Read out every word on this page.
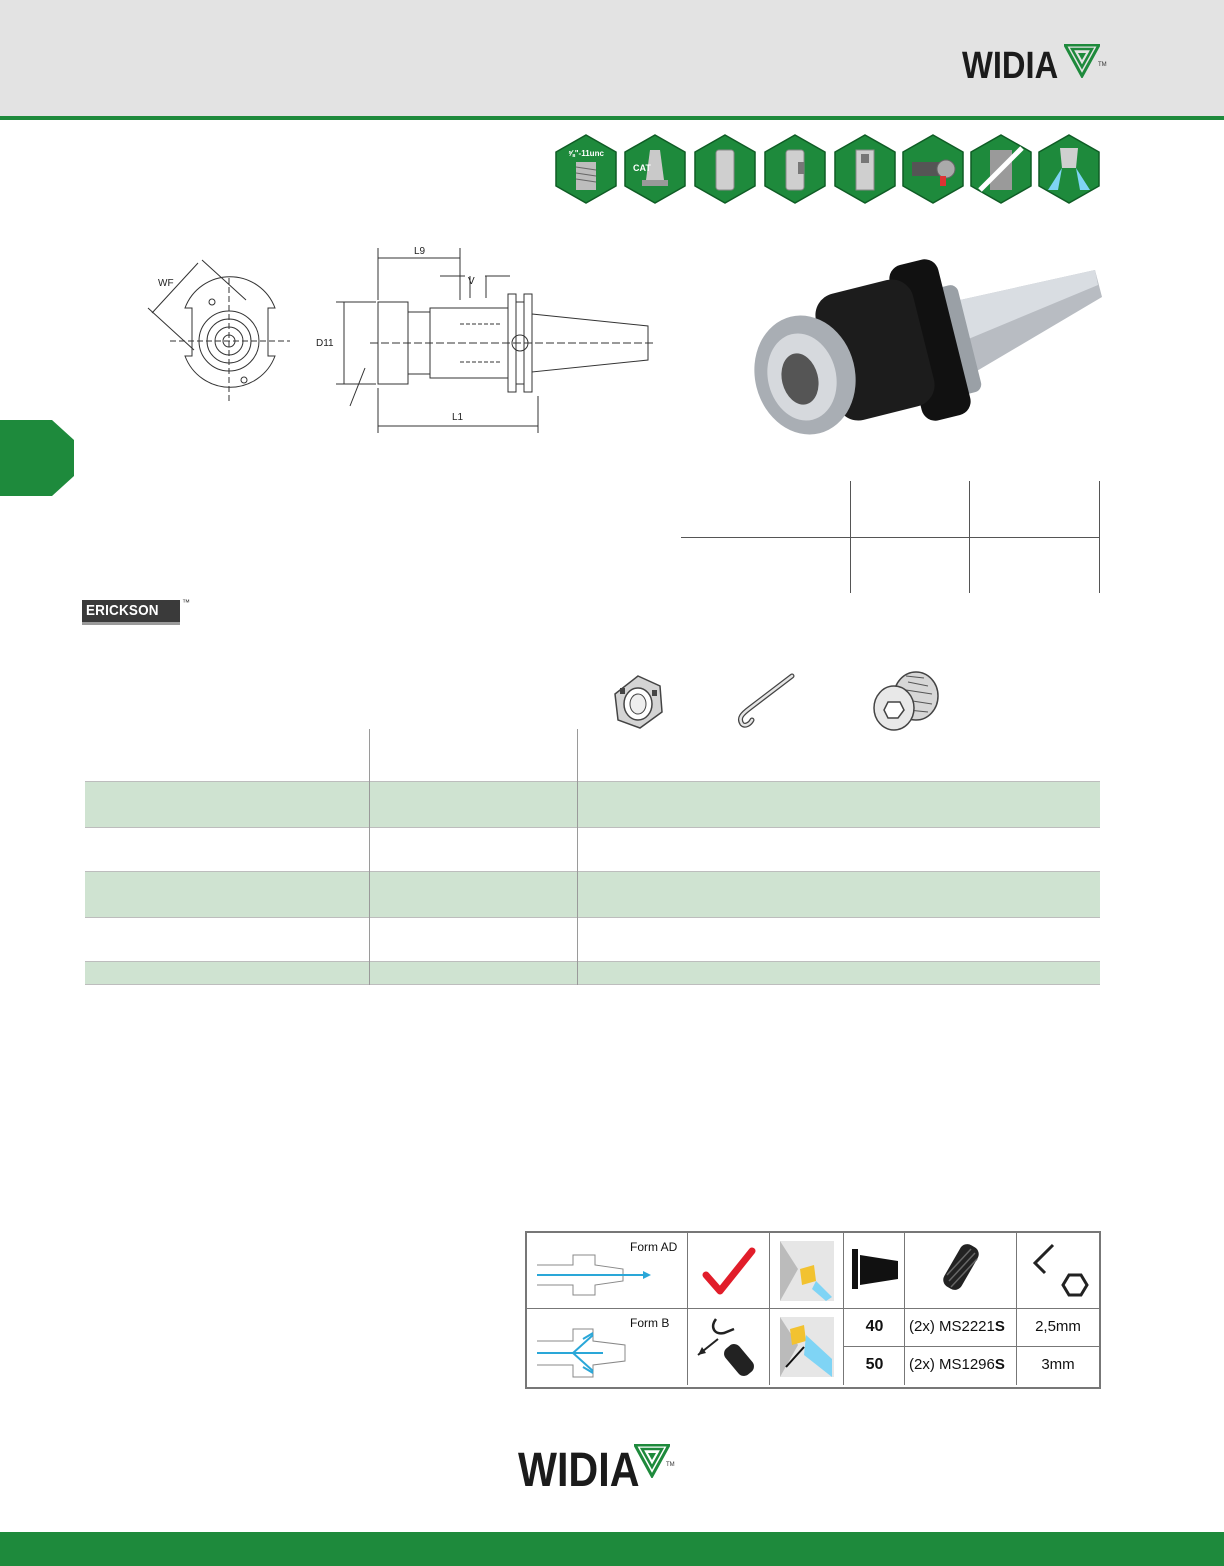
WIDIA	TM
⅝"-11unc
CAT
WF
L9
V
D11
L1
ERICKSON	™
Form AD
Form B	40	(2x) MS2221S	2,5mm
50	(2x) MS1296S	3mm
WIDIA	TM
